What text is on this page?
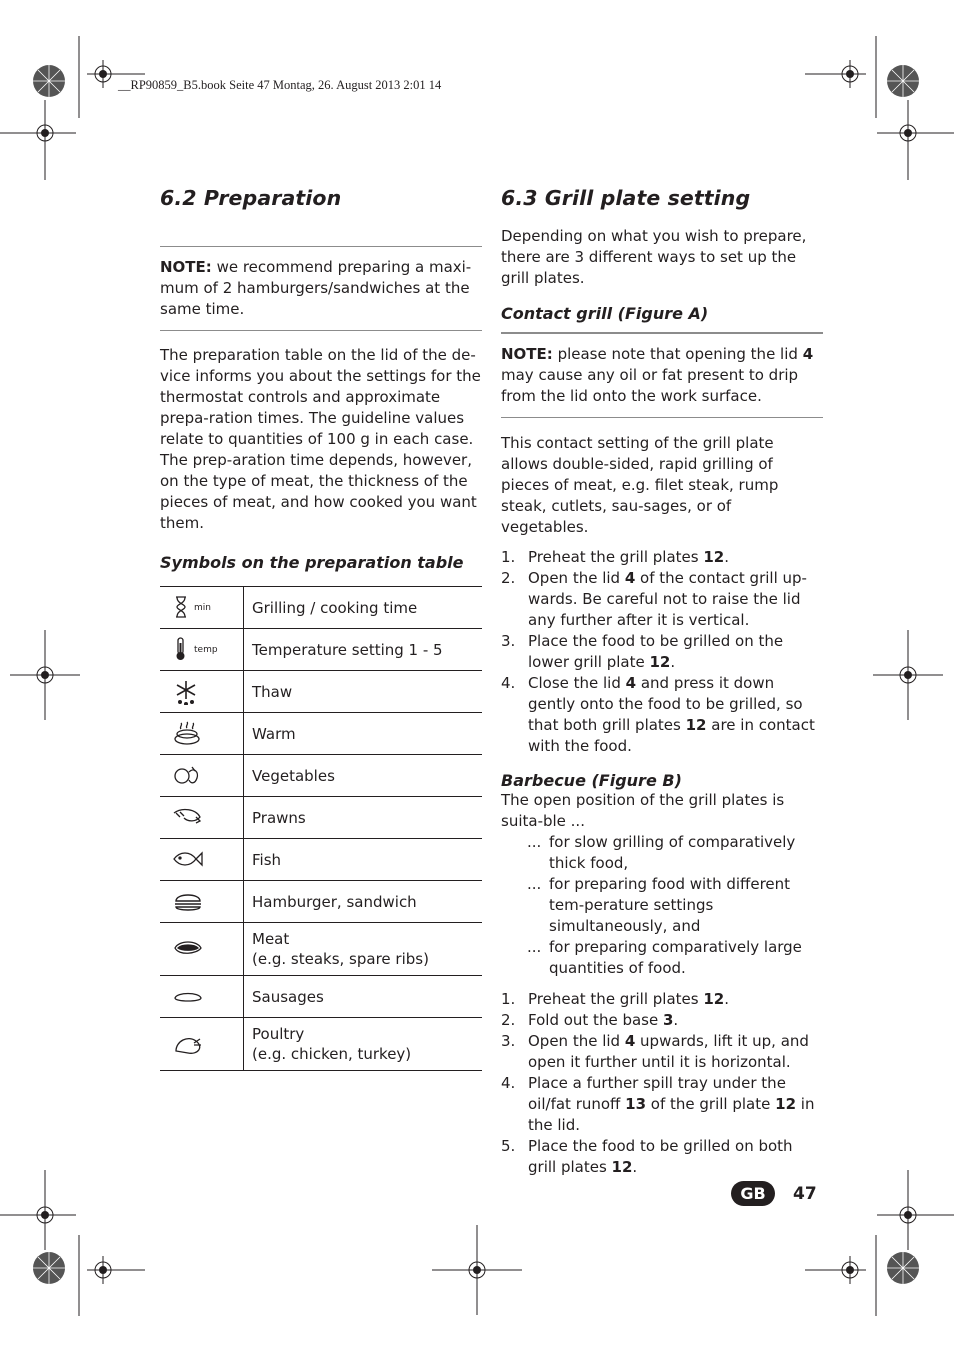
__RP90859_B5.book Seite 47 Montag, 26. August 2013 2:01 14
6.2 Preparation

NOTE: we recommend preparing a maxi-mum of 2 hamburgers/sandwiches at the same time.

The preparation table on the lid of the de-vice informs you about the settings for the thermostat controls and approximate prepa-ration times. The guideline values relate to quantities of 100 g in each case. The prep-aration time depends, however, on the type of meat, the thickness of the pieces of meat, and how cooked you want them.

Symbols on the preparation table
min	Grilling / cooking time

temp	Temperature setting 1 - 5

Thaw

Warm

Vegetables

Prawns

Fish

Hamburger, sandwich

Meat
(e.g. steaks, spare ribs)

Sausages

Poultry
(e.g. chicken, turkey)
6.3 Grill plate setting

Depending on what you wish to prepare, there are 3 different ways to set up the grill plates.

Contact grill (Figure A)

NOTE: please note that opening the lid 4 may cause any oil or fat present to drip from the lid onto the work surface.

This contact setting of the grill plate allows double-sided, rapid grilling of pieces of meat, e.g. filet steak, rump steak, cutlets, sau-sages, or of vegetables.

1. Preheat the grill plates 12.
2. Open the lid 4 of the contact grill up-wards. Be careful not to raise the lid any further after it is vertical.
3. Place the food to be grilled on the lower grill plate 12.
4. Close the lid 4 and press it down gently onto the food to be grilled, so that both grill plates 12 are in contact with the food.
Barbecue (Figure B)

The open position of the grill plates is suita-ble ...

... for slow grilling of comparatively thick food,
... for preparing food with different tem-perature settings simultaneously, and
... for preparing comparatively large quantities of food.
1. Preheat the grill plates 12.
2. Fold out the base 3.
3. Open the lid 4 upwards, lift it up, and open it further until it is horizontal.
4. Place a further spill tray under the oil/fat runoff 13 of the grill plate 12 in the lid.
5. Place the food to be grilled on both grill plates 12.
GB	47
